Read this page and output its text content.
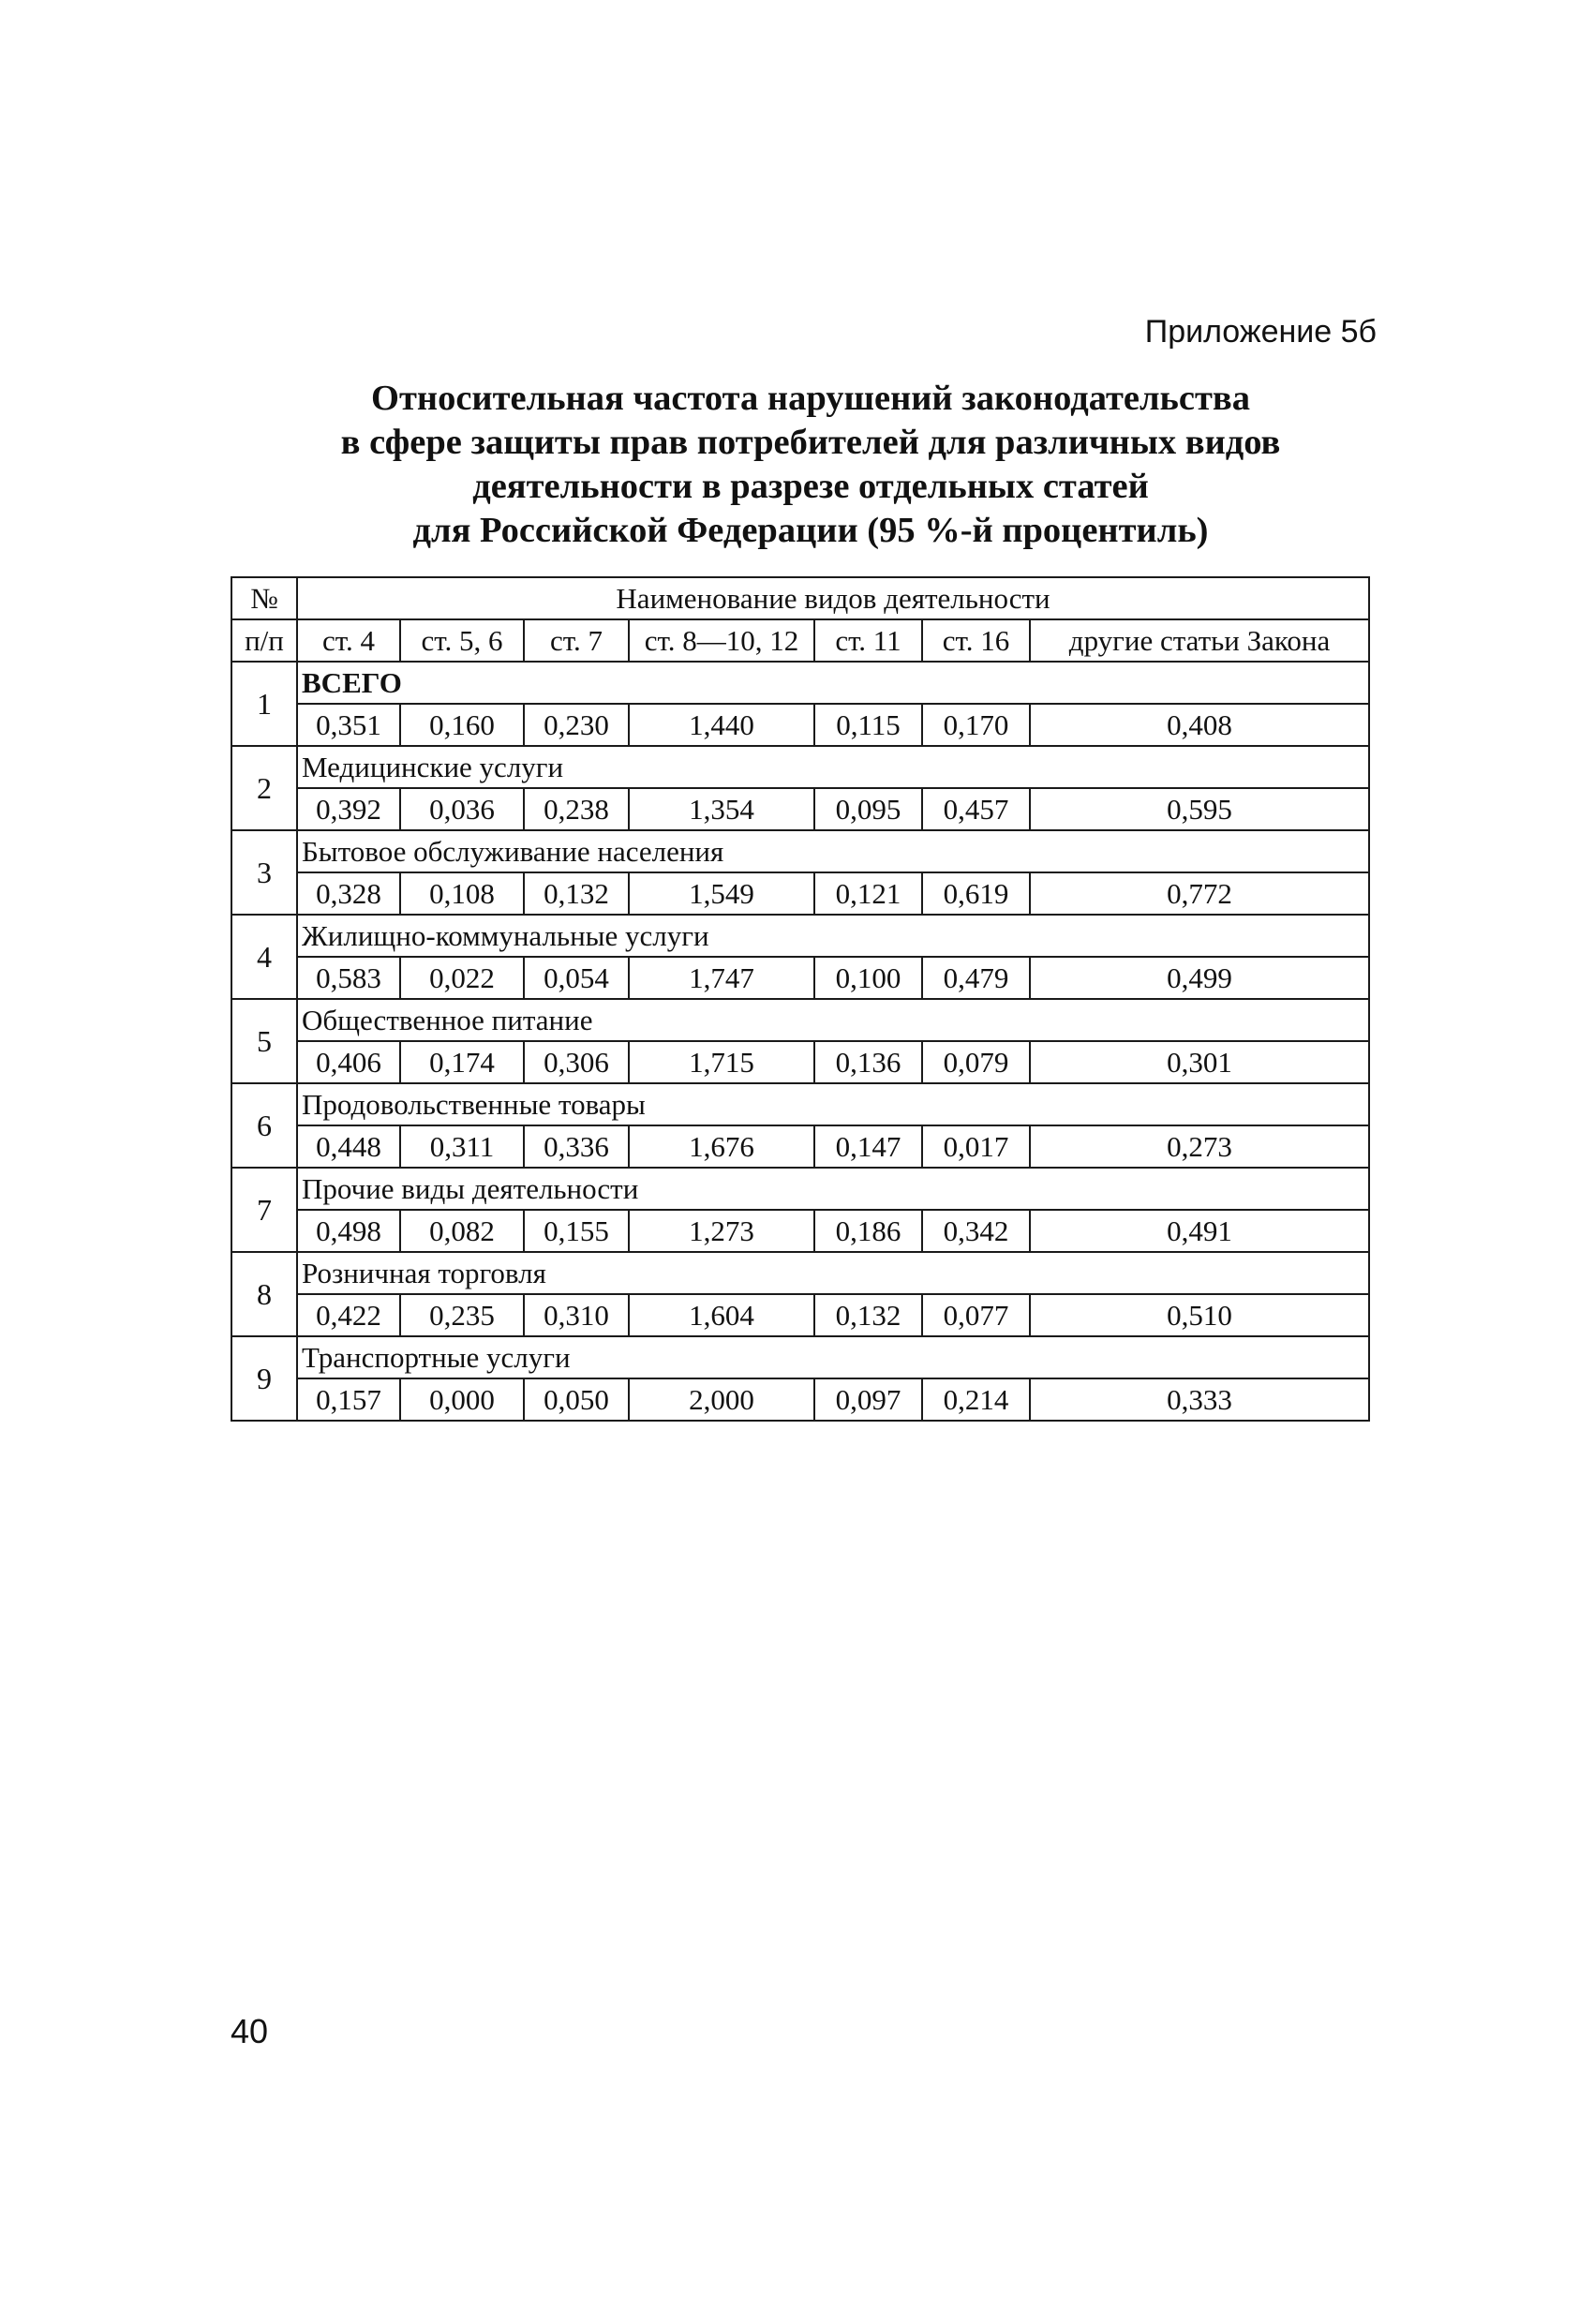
Приложение 5б
Относительная частота нарушений законодательства
в сфере защиты прав потребителей для различных видов
деятельности в разрезе отдельных статей
для Российской Федерации (95 %-й процентиль)
№	Наименование видов деятельности						
п/п	ст. 4	ст. 5, 6	ст. 7	ст. 8—10, 12	ст. 11	ст. 16	другие статьи Закона
1	ВСЕГО						
	0,351	0,160	0,230	1,440	0,115	0,170	0,408
2	Медицинские услуги						
	0,392	0,036	0,238	1,354	0,095	0,457	0,595
3	Бытовое обслуживание населения						
	0,328	0,108	0,132	1,549	0,121	0,619	0,772
4	Жилищно-коммунальные услуги						
	0,583	0,022	0,054	1,747	0,100	0,479	0,499
5	Общественное питание						
	0,406	0,174	0,306	1,715	0,136	0,079	0,301
6	Продовольственные товары						
	0,448	0,311	0,336	1,676	0,147	0,017	0,273
7	Прочие виды деятельности						
	0,498	0,082	0,155	1,273	0,186	0,342	0,491
8	Розничная торговля						
	0,422	0,235	0,310	1,604	0,132	0,077	0,510
9	Транспортные услуги						
	0,157	0,000	0,050	2,000	0,097	0,214	0,333
40
